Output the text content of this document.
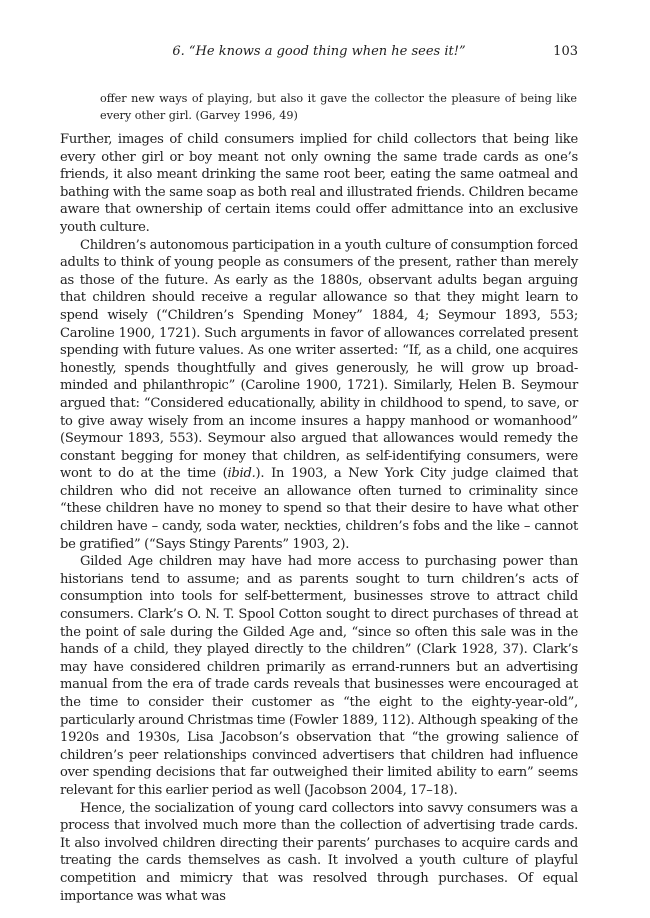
6. “He knows a good thing when he sees it!”	103
offer new ways of playing, but also it gave the collector the pleasure of being like every other girl. (Garvey 1996, 49)

Further, images of child consumers implied for child collectors that being like every other girl or boy meant not only owning the same trade cards as one’s friends, it also meant drinking the same root beer, eating the same oatmeal and bathing with the same soap as both real and illustrated friends. Children became aware that ownership of certain items could offer admittance into an exclusive youth culture.

Children’s autonomous participation in a youth culture of consumption forced adults to think of young people as consumers of the present, rather than merely as those of the future. As early as the 1880s, observant adults began arguing that children should receive a regular allowance so that they might learn to spend wisely (“Children’s Spending Money” 1884, 4; Seymour 1893, 553; Caroline 1900, 1721). Such arguments in favor of allowances correlated present spending with future values. As one writer asserted: “If, as a child, one acquires honestly, spends thoughtfully and gives generously, he will grow up broad-minded and philanthropic” (Caroline 1900, 1721). Similarly, Helen B. Seymour argued that: “Considered educationally, ability in childhood to spend, to save, or to give away wisely from an income insures a happy manhood or womanhood” (Seymour 1893, 553). Seymour also argued that allowances would remedy the constant begging for money that children, as self-identifying consumers, were wont to do at the time (ibid.). In 1903, a New York City judge claimed that children who did not receive an allowance often turned to criminality since “these children have no money to spend so that their desire to have what other children have – candy, soda water, neckties, children’s fobs and the like – cannot be gratified” (“Says Stingy Parents” 1903, 2).

Gilded Age children may have had more access to purchasing power than historians tend to assume; and as parents sought to turn children’s acts of consumption into tools for self-betterment, businesses strove to attract child consumers. Clark’s O. N. T. Spool Cotton sought to direct purchases of thread at the point of sale during the Gilded Age and, “since so often this sale was in the hands of a child, they played directly to the children” (Clark 1928, 37). Clark’s may have considered children primarily as errand-runners but an advertising manual from the era of trade cards reveals that businesses were encouraged at the time to consider their customer as “the eight to the eighty-year-old”, particularly around Christmas time (Fowler 1889, 112). Although speaking of the 1920s and 1930s, Lisa Jacobson’s observation that “the growing salience of children’s peer relationships convinced advertisers that children had influence over spending decisions that far outweighed their limited ability to earn” seems relevant for this earlier period as well (Jacobson 2004, 17–18).

Hence, the socialization of young card collectors into savvy consumers was a process that involved much more than the collection of advertising trade cards. It also involved children directing their parents’ purchases to acquire cards and treating the cards themselves as cash. It involved a youth culture of playful competition and mimicry that was resolved through purchases. Of equal importance was what was
